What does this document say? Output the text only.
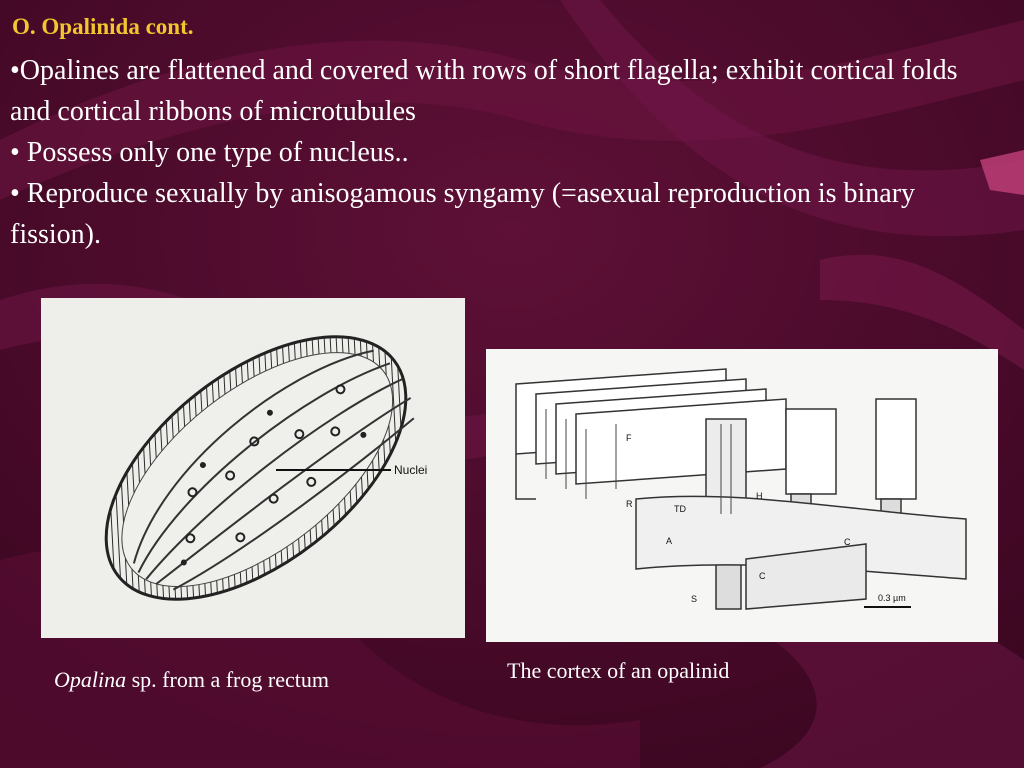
O. Opalinida cont.

•Opalines are flattened and covered with rows of short flagella; exhibit cortical folds and cortical ribbons of microtubules

• Possess only one type of nucleus..

• Reproduce sexually by anisogamous syngamy (=asexual reproduction is binary fission).

Nuclei
F
R	TD
H
A	C
C
S	0.3 µm
Opalina sp. from a frog rectum	The cortex of an opalinid
